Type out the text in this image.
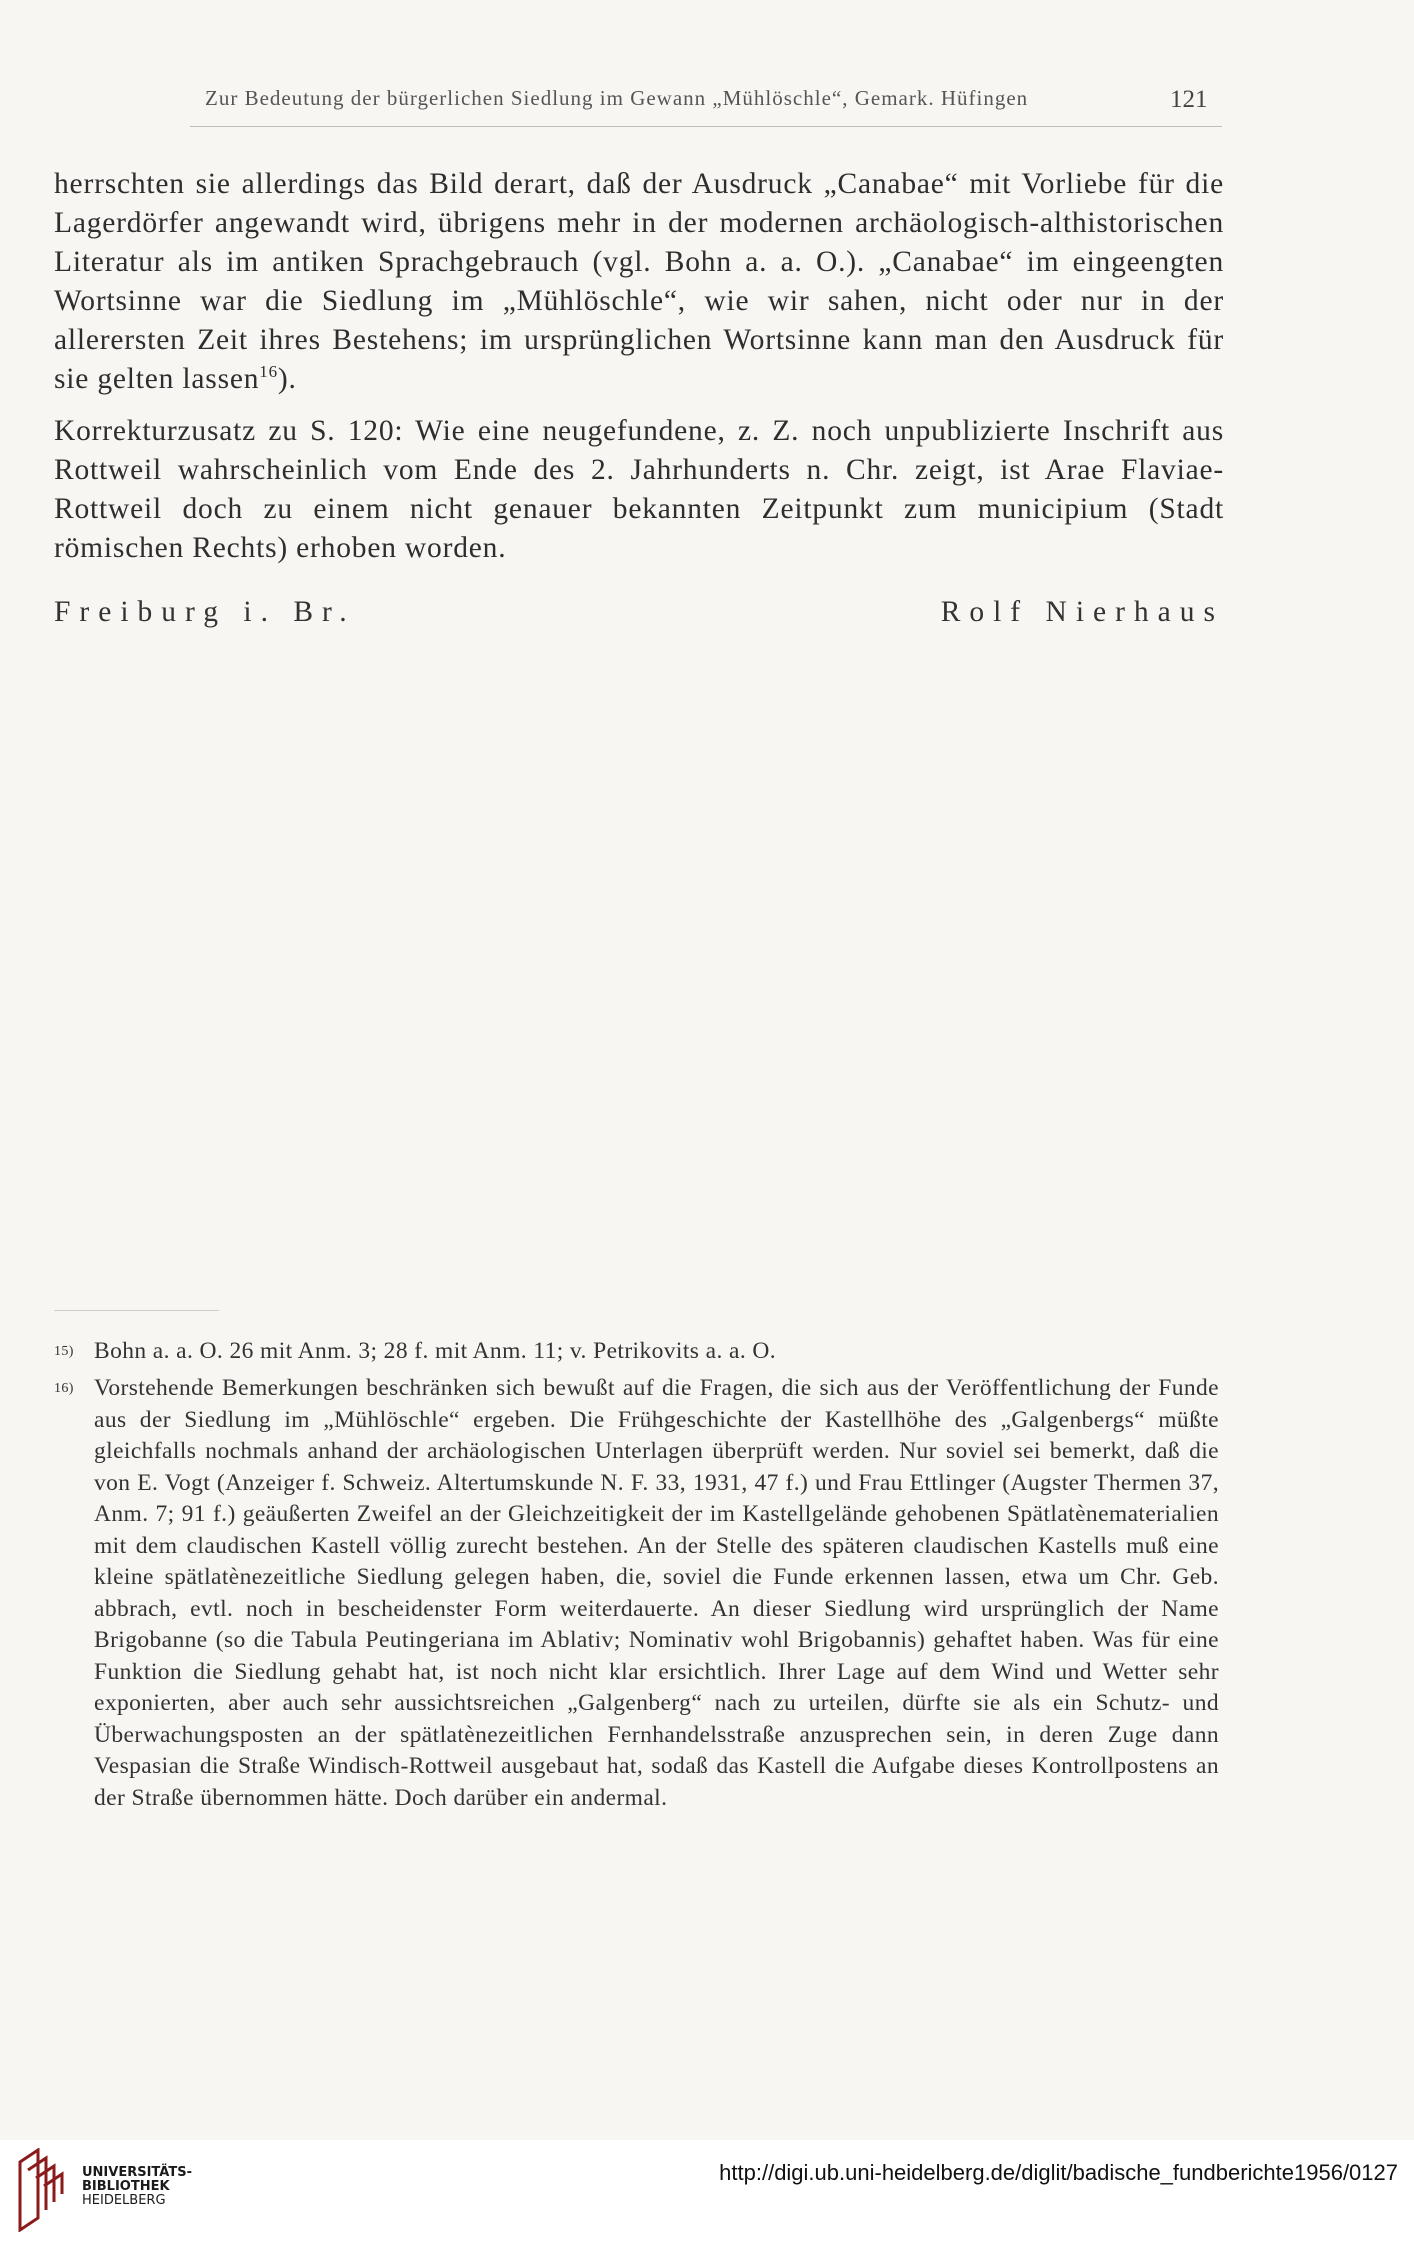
Zur Bedeutung der bürgerlichen Siedlung im Gewann „Mühlöschle“, Gemark. Hüfingen	121

herrschten sie allerdings das Bild derart, daß der Ausdruck „Canabae“ mit Vorliebe für die Lagerdörfer angewandt wird, übrigens mehr in der modernen archäologisch-althistorischen Literatur als im antiken Sprachgebrauch (vgl. Bohn a. a. O.). „Canabae“ im eingeengten Wortsinne war die Siedlung im „Mühlöschle“, wie wir sahen, nicht oder nur in der allerersten Zeit ihres Bestehens; im ursprünglichen Wortsinne kann man den Ausdruck für sie gelten lassen$^{16}$).

Korrekturzusatz zu S. 120: Wie eine neugefundene, z. Z. noch unpublizierte Inschrift aus Rottweil wahrscheinlich vom Ende des 2. Jahrhunderts n. Chr. zeigt, ist Arae Flaviae-Rottweil doch zu einem nicht genauer bekannten Zeitpunkt zum municipium (Stadt römischen Rechts) erhoben worden.

Freiburg i. Br.	Rolf Nierhaus
15) Bohn a. a. O. 26 mit Anm. 3; 28 f. mit Anm. 11; v. Petrikovits a. a. O.
16) Vorstehende Bemerkungen beschränken sich bewußt auf die Fragen, die sich aus der Veröffentlichung der Funde aus der Siedlung im „Mühlöschle“ ergeben. Die Frühgeschichte der Kastellhöhe des „Galgenbergs“ müßte gleichfalls nochmals anhand der archäologischen Unterlagen überprüft werden. Nur soviel sei bemerkt, daß die von E. Vogt (Anzeiger f. Schweiz. Altertumskunde N. F. 33, 1931, 47 f.) und Frau Ettlinger (Augster Thermen 37, Anm. 7; 91 f.) geäußerten Zweifel an der Gleichzeitigkeit der im Kastellgelände gehobenen Spätlatènematerialien mit dem claudischen Kastell völlig zurecht bestehen. An der Stelle des späteren claudischen Kastells muß eine kleine spätlatènezeitliche Siedlung gelegen haben, die, soviel die Funde erkennen lassen, etwa um Chr. Geb. abbrach, evtl. noch in bescheidenster Form weiterdauerte. An dieser Siedlung wird ursprünglich der Name Brigobanne (so die Tabula Peutingeriana im Ablativ; Nominativ wohl Brigobannis) gehaftet haben. Was für eine Funktion die Siedlung gehabt hat, ist noch nicht klar ersichtlich. Ihrer Lage auf dem Wind und Wetter sehr exponierten, aber auch sehr aussichtsreichen „Galgenberg“ nach zu urteilen, dürfte sie als ein Schutz- und Überwachungsposten an der spätlatènezeitlichen Fernhandelsstraße anzusprechen sein, in deren Zuge dann Vespasian die Straße Windisch-Rottweil ausgebaut hat, sodaß das Kastell die Aufgabe dieses Kontrollpostens an der Straße übernommen hätte. Doch darüber ein andermal.
UNIVERSITÄTS-
BIBLIOTHEK
HEIDELBERG
http://digi.ub.uni-heidelberg.de/diglit/badische_fundberichte1956/0127
